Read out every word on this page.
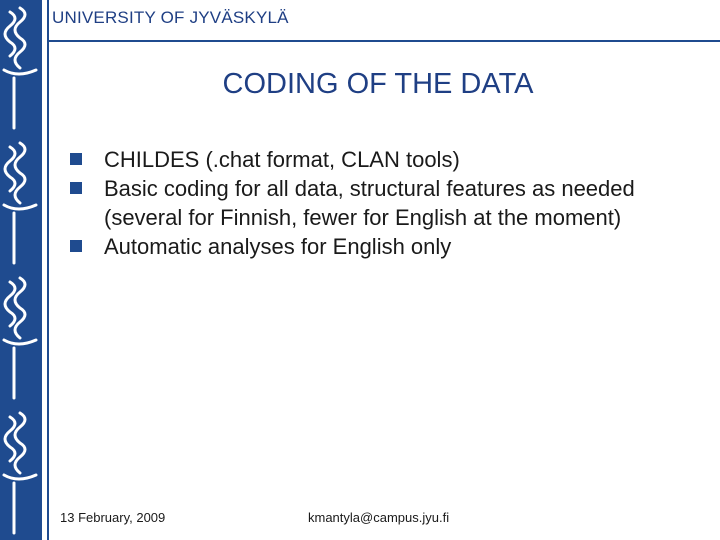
UNIVERSITY OF JYVÄSKYLÄ
CODING OF THE DATA
CHILDES (.chat format, CLAN tools)
Basic coding for all data, structural features as needed (several for Finnish, fewer for English at the moment)
Automatic analyses for English only
13 February, 2009	kmantyla@campus.jyu.fi
